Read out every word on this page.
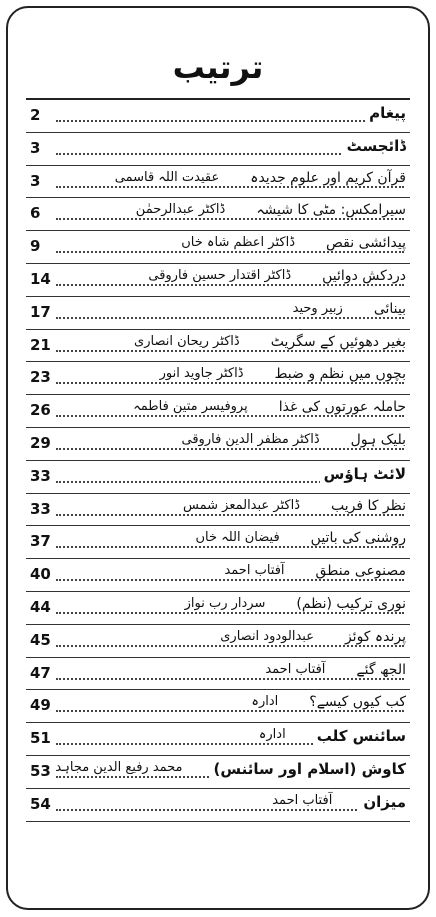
ترتیب
2	پیغام
3	ڈائجسٹ
3	قرآن کریم اور علوم جدیدہ
عقیدت اللہ قاسمی
6	سیرامکس: مٹی کا شیشہ
ڈاکٹر عبدالرحمٰن
9	پیدائشی نقص
ڈاکٹر اعظم شاہ خاں
14	دردکش دوائیں
ڈاکٹر اقتدار حسین فاروقی
17	بینائی
زبیر وحید
21	بغیر دھوئیں کے سگریٹ
ڈاکٹر ریحان انصاری
23	بچوں میں نظم و ضبط
ڈاکٹر جاوید انور
26	حاملہ عورتوں کی غذا
پروفیسر متین فاطمہ
29	بلیک ہول
ڈاکٹر مظفر الدین فاروقی
33	لائٹ ہاؤس
33	نظر کا فریب
ڈاکٹر عبدالمعز شمس
37	روشنی کی باتیں
فیضان اللہ خاں
40	مصنوعی منطق
آفتاب احمد
44	نوری ترکیب (نظم)
سردار رب نواز
45	پرندہ کوئز
عبدالودود انصاری
47	الجھ گئے
آفتاب احمد
49	کب کیوں کیسے؟
ادارہ
51	سائنس کلب
ادارہ
53	کاوش (اسلام اور سائنس)
محمد رفیع الدین مجاہد
54	میزان
آفتاب احمد
